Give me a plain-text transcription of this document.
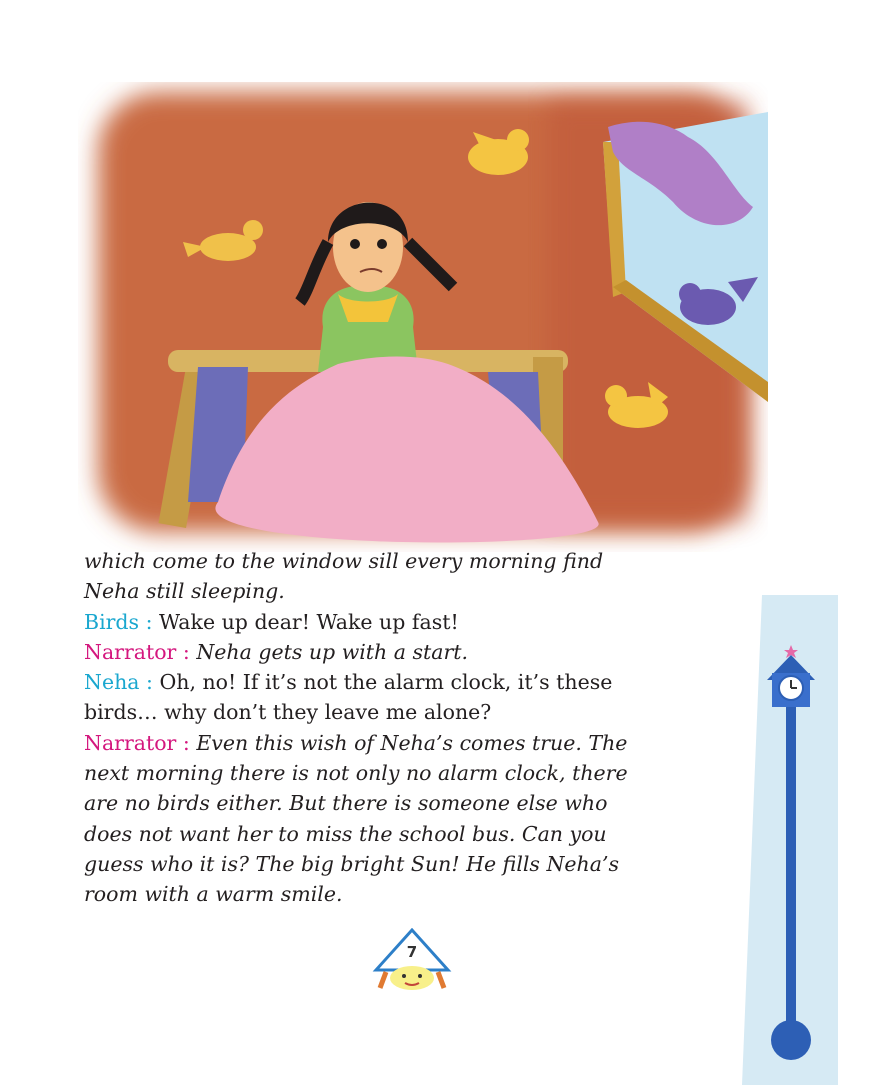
which come to the window sill every morning find

Neha still sleeping.

Birds : Wake up dear! Wake up fast!

Narrator : Neha gets up with a start.

Neha : Oh, no! If it’s not the alarm clock, it’s these

birds… why don’t they leave me alone?

Narrator : Even this wish of Neha’s comes true. The

next morning there is not only no alarm clock, there

are no birds either. But there is someone else who

does not want her to miss the school bus. Can you

guess who it is? The big bright Sun! He fills Neha’s

room with a warm smile.

7
